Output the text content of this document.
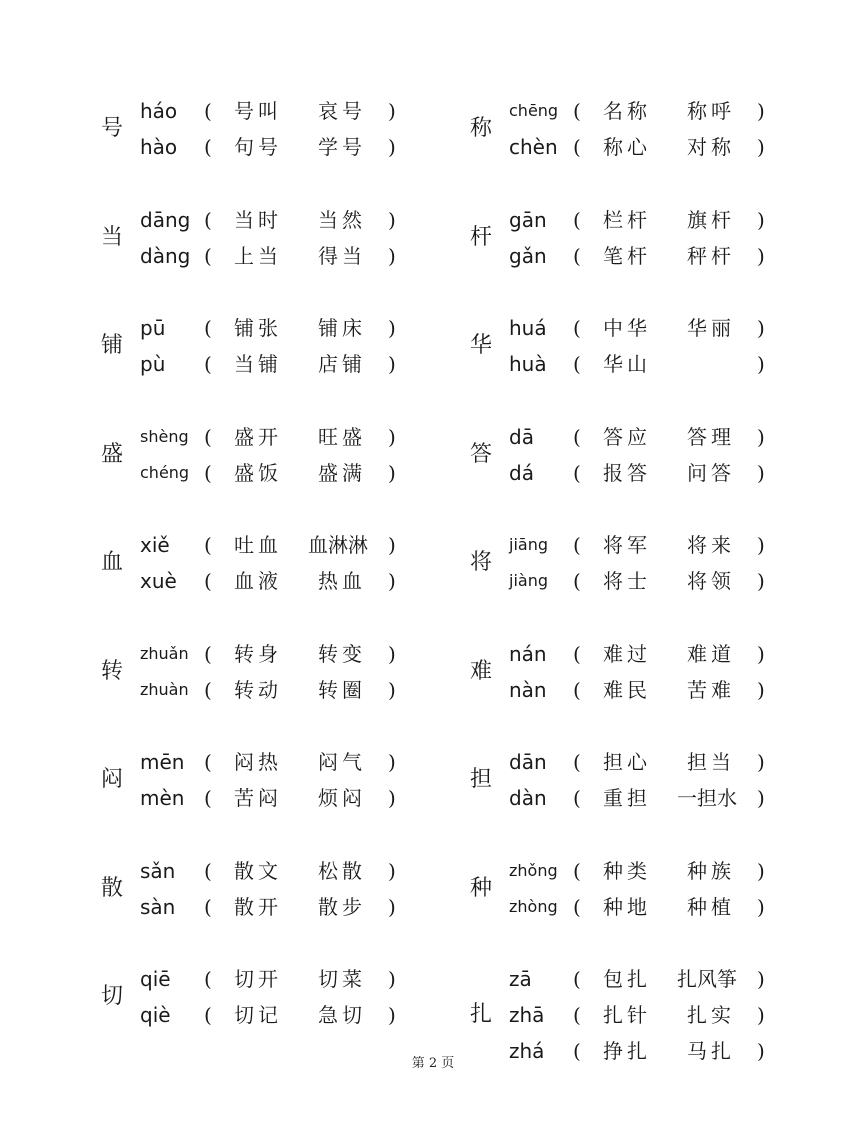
号
háo ( 号叫 哀号 )
hào ( 句号 学号 )
当
dāng ( 当时 当然 )
dàng ( 上当 得当 )
铺
pū ( 铺张 铺床 )
pù ( 当铺 店铺 )
盛
shèng ( 盛开 旺盛 )
chéng ( 盛饭 盛满 )
血
xiě ( 吐血 血淋淋 )
xuè ( 血液 热血 )
转
zhuǎn ( 转身 转变 )
zhuàn ( 转动 转圈 )
闷
mēn ( 闷热 闷气 )
mèn ( 苦闷 烦闷 )
散
sǎn ( 散文 松散 )
sàn ( 散开 散步 )
切
qiē ( 切开 切菜 )
qiè ( 切记 急切 )
称
chēng ( 名称 称呼 )
chèn ( 称心 对称 )
杆
gān ( 栏杆 旗杆 )
gǎn ( 笔杆 秤杆 )
华
huá ( 中华 华丽 )
huà ( 华山	)
答
dā ( 答应 答理 )
dá ( 报答 问答 )
将
jiāng ( 将军 将来 )
jiàng ( 将士 将领 )
难
nán ( 难过 难道 )
nàn ( 难民 苦难 )
担
dān ( 担心 担当 )
dàn ( 重担 一担水 )
种
zhǒng ( 种类 种族 )
zhòng ( 种地 种植 )
扎
zā ( 包扎 扎风筝 )
zhā ( 扎针 扎实 )
zhá ( 挣扎 马扎 )
第 2 页
